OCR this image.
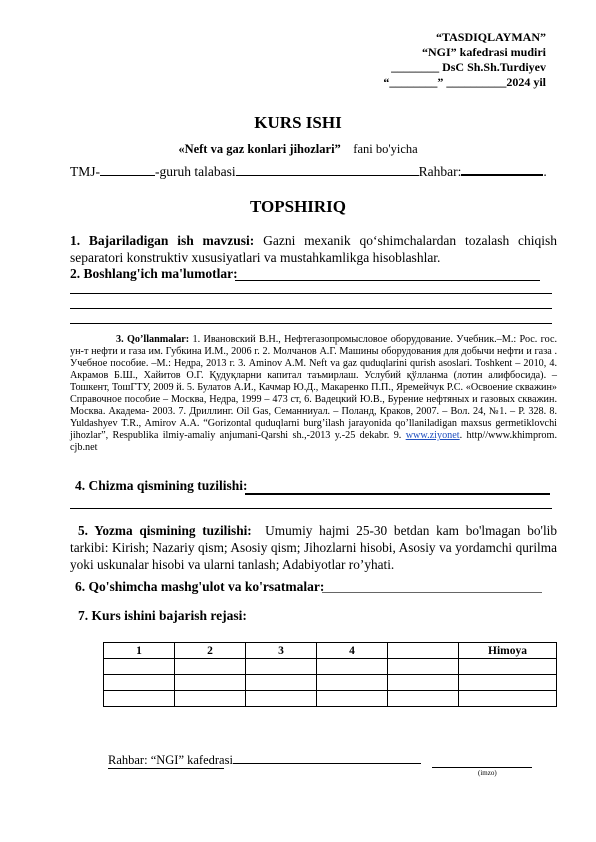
“TASDIQLAYMAN”
“NGI” kafedrasi mudiri
________ DsC Sh.Sh.Turdiyev
“________” __________2024 yil
KURS ISHI
«Neft va gaz konlari jihozlari” fani bo'yicha
TMJ-	-guruh talabasi	Rahbar:	.
TOPSHIRIQ
1. Bajariladigan ish mavzusi: Gazni mexanik qo‘shimchalardan tozalash chiqish separatori konstruktiv xususiyatlari va mustahkamlikga hisoblashlar.
2. Boshlang'ich ma'lumotlar:
3. Qo’llanmalar: 1. Ивановский В.Н., Нефтегазопромысловое оборудование. Учебник.–М.: Рос. гос. ун-т нефти и газа им. Губкина И.М., 2006 г. 2. Молчанов А.Г. Машины оборудования для добычи нефти и газа . Учебное пособие. –М.: Недра, 2013 г. 3. Aminov A.M. Neft va gaz quduqlarini qurish asoslari. Toshkent – 2010, 4. Акрамов Б.Ш., Хайитов О.Г. Қудуқларни капитал таъмирлаш. Услубий қўлланма (лотин алифбосида). –Тошкент, ТошГТУ, 2009 й. 5. Булатов А.И., Качмар Ю.Д., Макаренко П.П., Яремейчук Р.С. «Освоение скважин» Справочное пособие – Москва, Недра, 1999 – 473 ст, 6. Вадецкий Ю.В., Бурение нефтяных и газовых скважин. Москва. Академа- 2003. 7. Дриллинг. Oil Gas, Семанниуал. – Поланд, Краков, 2007. – Вол. 24, №1. – Р. 328. 8. Yuldashyev T.R., Amirov A.A. “Gorizontal quduqlarni burg’ilash jarayonida qo’llaniladigan maxsus germetiklovchi jihozlar”, Respublika ilmiy-amaliy anjumani-Qarshi sh.,-2013 y.-25 dekabr. 9. www.ziyonet. http//www.khimprom. cjb.net
4. Chizma qismining tuzilishi:
5. Yozma qismining tuzilishi: Umumiy hajmi 25-30 betdan kam bo'lmagan bo'lib tarkibi: Kirish; Nazariy qism; Asosiy qism; Jihozlarni hisobi, Asosiy va yordamchi qurilma yoki uskunalar hisobi va ularni tanlash; Adabiyotlar ro’yhati.
6. Qo'shimcha mashg'ulot va ko'rsatmalar:
7. Kurs ishini bajarish rejasi:
1	2	3	4		Himoya

Rahbar: “NGI” kafedrasi
(imzo)
